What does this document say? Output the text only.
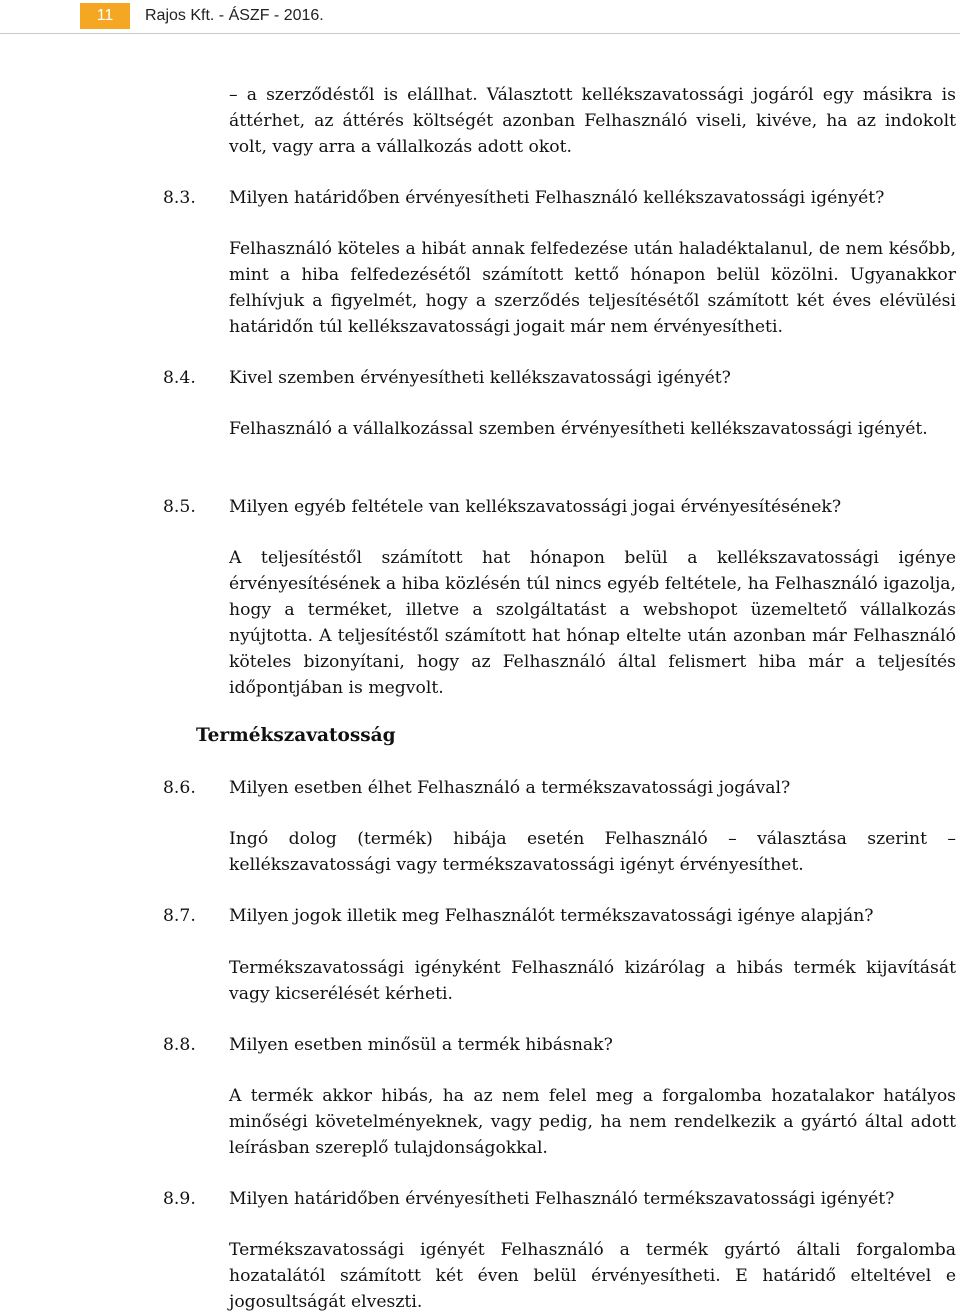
11	Rajos Kft. - ÁSZF - 2016.

– a szerződéstől is elállhat. Választott kellékszavatossági jogáról egy másikra is áttérhet, az áttérés költségét azonban Felhasználó viseli, kivéve, ha az indokolt volt, vagy arra a vállalkozás adott okot.

8.3. Milyen határidőben érvényesítheti Felhasználó kellékszavatossági igényét?

Felhasználó köteles a hibát annak felfedezése után haladéktalanul, de nem később, mint a hiba felfedezésétől számított kettő hónapon belül közölni. Ugyanakkor felhívjuk a figyelmét, hogy a szerződés teljesítésétől számított két éves elévülési határidőn túl kellékszavatossági jogait már nem érvényesítheti.

8.4. Kivel szemben érvényesítheti kellékszavatossági igényét?

Felhasználó a vállalkozással szemben érvényesítheti kellékszavatossági igényét.

8.5. Milyen egyéb feltétele van kellékszavatossági jogai érvényesítésének?

A teljesítéstől számított hat hónapon belül a kellékszavatossági igénye érvényesítésének a hiba közlésén túl nincs egyéb feltétele, ha Felhasználó igazolja, hogy a terméket, illetve a szolgáltatást a webshopot üzemeltető vállalkozás nyújtotta. A teljesítéstől számított hat hónap eltelte után azonban már Felhasználó köteles bizonyítani, hogy az Felhasználó által felismert hiba már a teljesítés időpontjában is megvolt.

Termékszavatosság
8.6. Milyen esetben élhet Felhasználó a termékszavatossági jogával?

Ingó dolog (termék) hibája esetén Felhasználó – választása szerint – kellékszavatossági vagy termékszavatossági igényt érvényesíthet.

8.7. Milyen jogok illetik meg Felhasználót termékszavatossági igénye alapján?

Termékszavatossági igényként Felhasználó kizárólag a hibás termék kijavítását vagy kicserélését kérheti.

8.8. Milyen esetben minősül a termék hibásnak?

A termék akkor hibás, ha az nem felel meg a forgalomba hozatalakor hatályos minőségi követelményeknek, vagy pedig, ha nem rendelkezik a gyártó által adott leírásban szereplő tulajdonságokkal.

8.9. Milyen határidőben érvényesítheti Felhasználó termékszavatossági igényét?

Termékszavatossági igényét Felhasználó a termék gyártó általi forgalomba hozatalától számított két éven belül érvényesítheti. E határidő elteltével e jogosultságát elveszti.
